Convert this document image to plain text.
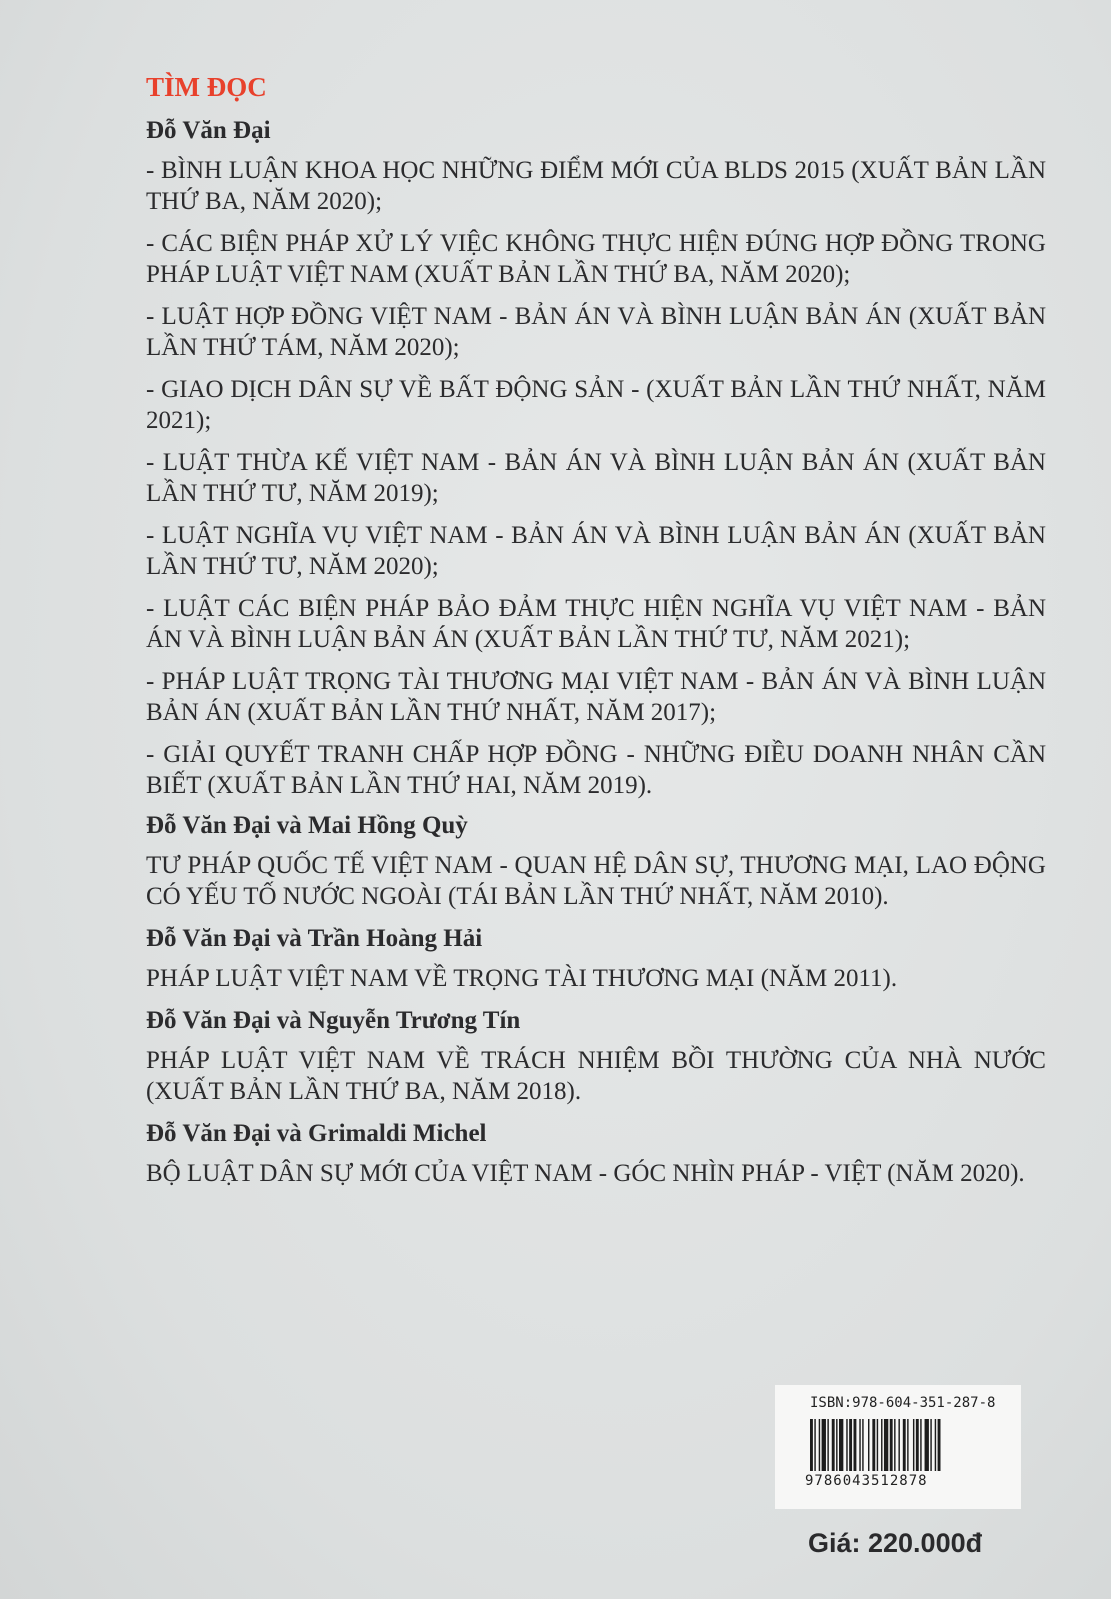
TÌM ĐỌC
Đỗ Văn Đại
- BÌNH LUẬN KHOA HỌC NHỮNG ĐIỂM MỚI CỦA BLDS 2015 (XUẤT BẢN LẦN THỨ BA, NĂM 2020);
- CÁC BIỆN PHÁP XỬ LÝ VIỆC KHÔNG THỰC HIỆN ĐÚNG HỢP ĐỒNG TRONG PHÁP LUẬT VIỆT NAM (XUẤT BẢN LẦN THỨ BA, NĂM 2020);
- LUẬT HỢP ĐỒNG VIỆT NAM - BẢN ÁN VÀ BÌNH LUẬN BẢN ÁN (XUẤT BẢN LẦN THỨ TÁM, NĂM 2020);
- GIAO DỊCH DÂN SỰ VỀ BẤT ĐỘNG SẢN - (XUẤT BẢN LẦN THỨ NHẤT, NĂM 2021);
- LUẬT THỪA KẾ VIỆT NAM - BẢN ÁN VÀ BÌNH LUẬN BẢN ÁN (XUẤT BẢN LẦN THỨ TƯ, NĂM 2019);
- LUẬT NGHĨA VỤ VIỆT NAM - BẢN ÁN VÀ BÌNH LUẬN BẢN ÁN (XUẤT BẢN LẦN THỨ TƯ, NĂM 2020);
- LUẬT CÁC BIỆN PHÁP BẢO ĐẢM THỰC HIỆN NGHĨA VỤ VIỆT NAM - BẢN ÁN VÀ BÌNH LUẬN BẢN ÁN (XUẤT BẢN LẦN THỨ TƯ, NĂM 2021);
- PHÁP LUẬT TRỌNG TÀI THƯƠNG MẠI VIỆT NAM - BẢN ÁN VÀ BÌNH LUẬN BẢN ÁN (XUẤT BẢN LẦN THỨ NHẤT, NĂM 2017);
- GIẢI QUYẾT TRANH CHẤP HỢP ĐỒNG - NHỮNG ĐIỀU DOANH NHÂN CẦN BIẾT (XUẤT BẢN LẦN THỨ HAI, NĂM 2019).
Đỗ Văn Đại và Mai Hồng Quỳ
TƯ PHÁP QUỐC TẾ VIỆT NAM - QUAN HỆ DÂN SỰ, THƯƠNG MẠI, LAO ĐỘNG CÓ YẾU TỐ NƯỚC NGOÀI (TÁI BẢN LẦN THỨ NHẤT, NĂM 2010).
Đỗ Văn Đại và Trần Hoàng Hải
PHÁP LUẬT VIỆT NAM VỀ TRỌNG TÀI THƯƠNG MẠI (NĂM 2011).
Đỗ Văn Đại và Nguyễn Trương Tín
PHÁP LUẬT VIỆT NAM VỀ TRÁCH NHIỆM BỒI THƯỜNG CỦA NHÀ NƯỚC (XUẤT BẢN LẦN THỨ BA, NĂM 2018).
Đỗ Văn Đại và Grimaldi Michel
BỘ LUẬT DÂN SỰ MỚI CỦA VIỆT NAM - GÓC NHÌN PHÁP - VIỆT (NĂM 2020).
ISBN:978-604-351-287-8
9786043512878
Giá: 220.000đ
